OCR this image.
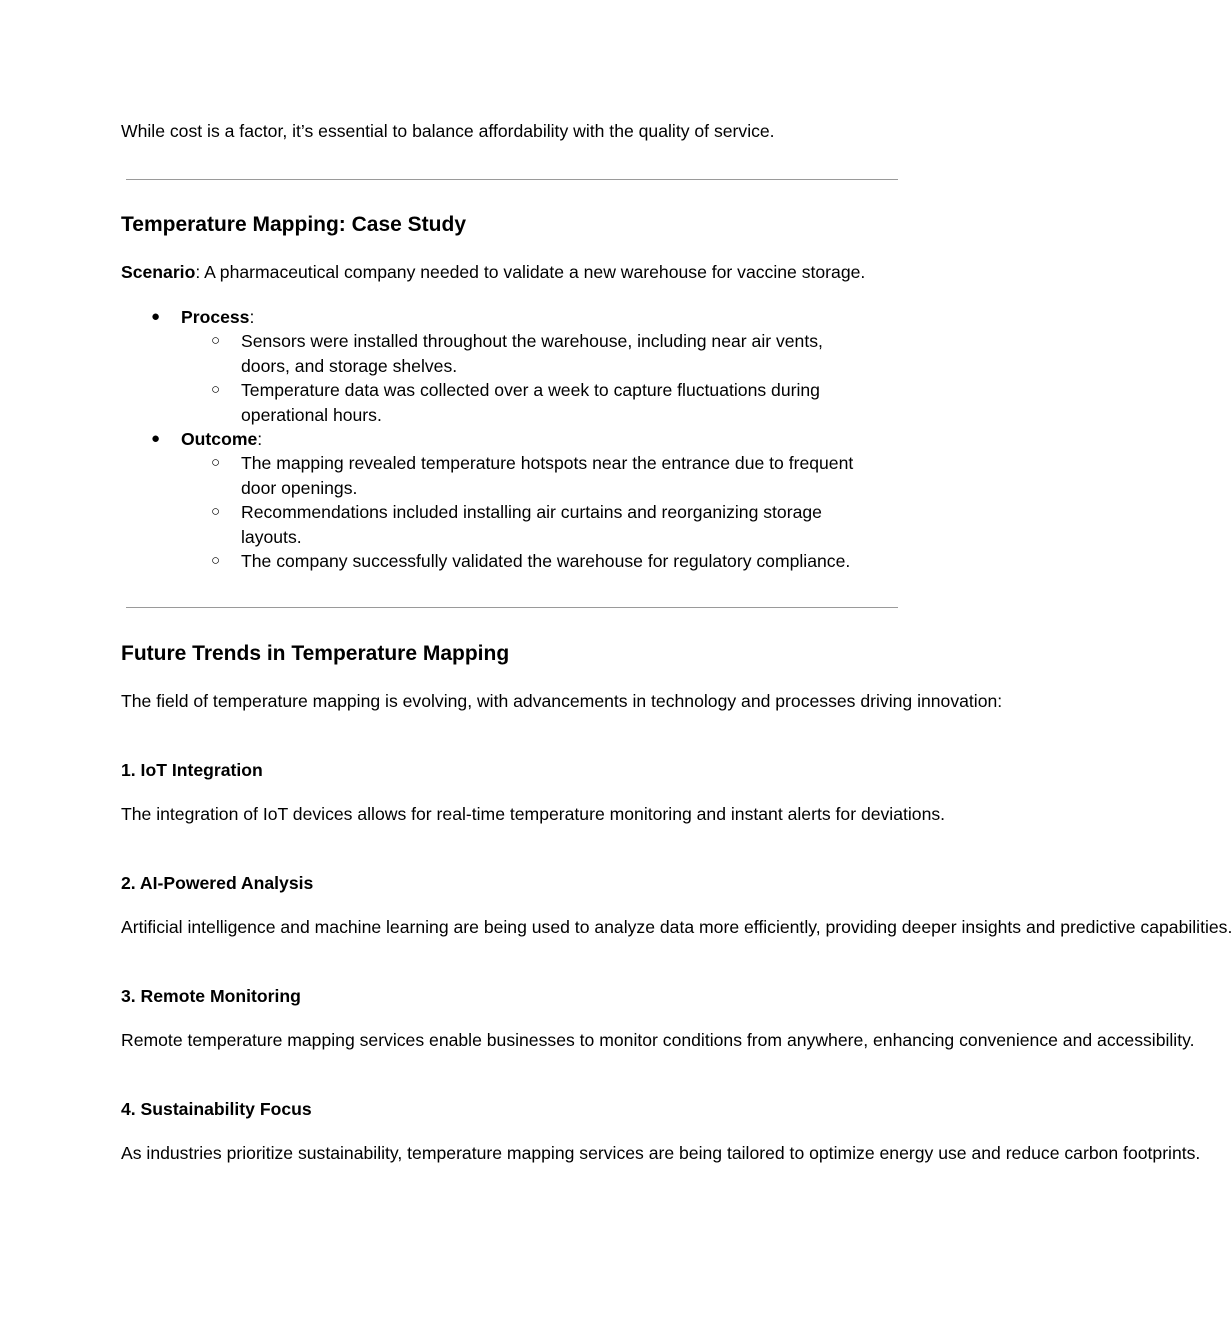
While cost is a factor, it’s essential to balance affordability with the quality of service.

Temperature Mapping: Case Study

Scenario: A pharmaceutical company needed to validate a new warehouse for vaccine storage.

● Process:
○ Sensors were installed throughout the warehouse, including near air vents, doors, and storage shelves.
○ Temperature data was collected over a week to capture fluctuations during operational hours.
● Outcome:
○ The mapping revealed temperature hotspots near the entrance due to frequent door openings.
○ Recommendations included installing air curtains and reorganizing storage layouts.
○ The company successfully validated the warehouse for regulatory compliance.
Future Trends in Temperature Mapping

The field of temperature mapping is evolving, with advancements in technology and processes driving innovation:

1. IoT Integration

The integration of IoT devices allows for real-time temperature monitoring and instant alerts for deviations.

2. AI-Powered Analysis

Artificial intelligence and machine learning are being used to analyze data more efficiently, providing deeper insights and predictive capabilities.

3. Remote Monitoring

Remote temperature mapping services enable businesses to monitor conditions from anywhere, enhancing convenience and accessibility.

4. Sustainability Focus

As industries prioritize sustainability, temperature mapping services are being tailored to optimize energy use and reduce carbon footprints.
